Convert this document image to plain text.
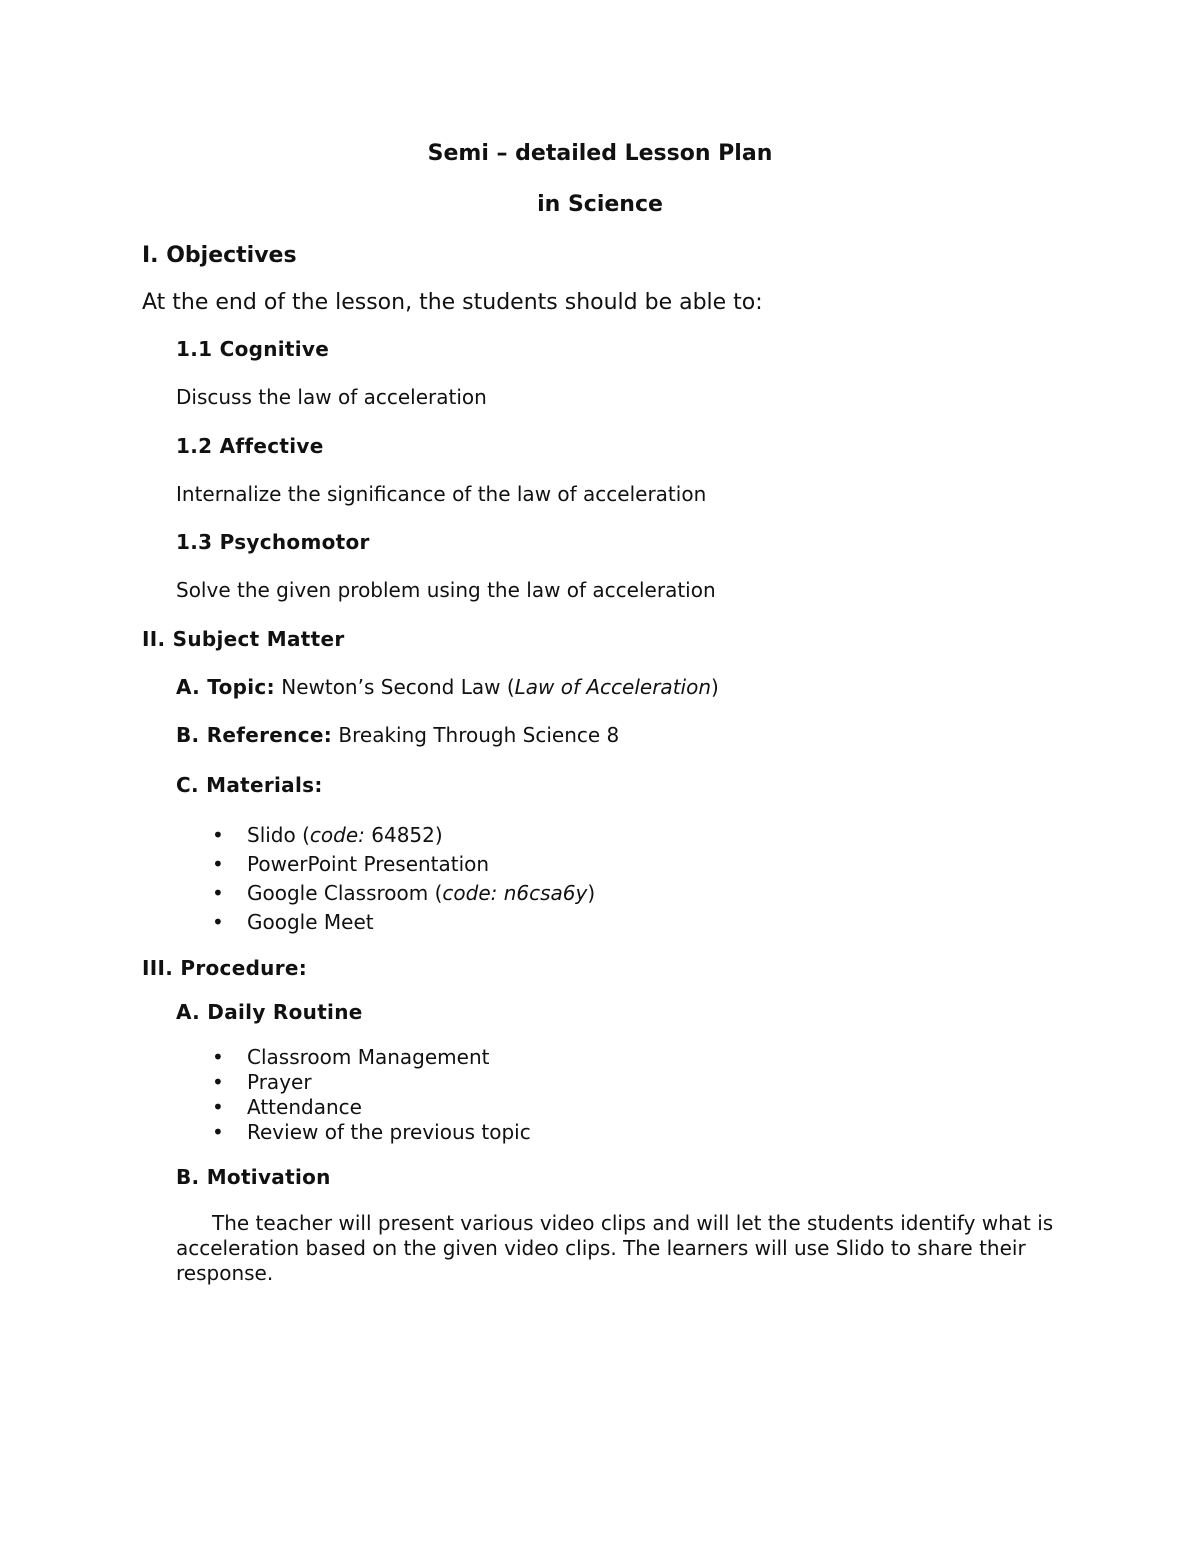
Semi – detailed Lesson Plan
in Science
I. Objectives
At the end of the lesson, the students should be able to:
1.1 Cognitive
Discuss the law of acceleration
1.2 Affective
Internalize the significance of the law of acceleration
1.3 Psychomotor
Solve the given problem using the law of acceleration
II. Subject Matter
A. Topic: Newton’s Second Law (Law of Acceleration)
B. Reference: Breaking Through Science 8
C. Materials:
• Slido (code: 64852)
• PowerPoint Presentation
• Google Classroom (code: n6csa6y)
• Google Meet
III. Procedure:
A. Daily Routine
• Classroom Management
• Prayer
• Attendance
• Review of the previous topic
B. Motivation
The teacher will present various video clips and will let the students identify what is acceleration based on the given video clips. The learners will use Slido to share their response.
